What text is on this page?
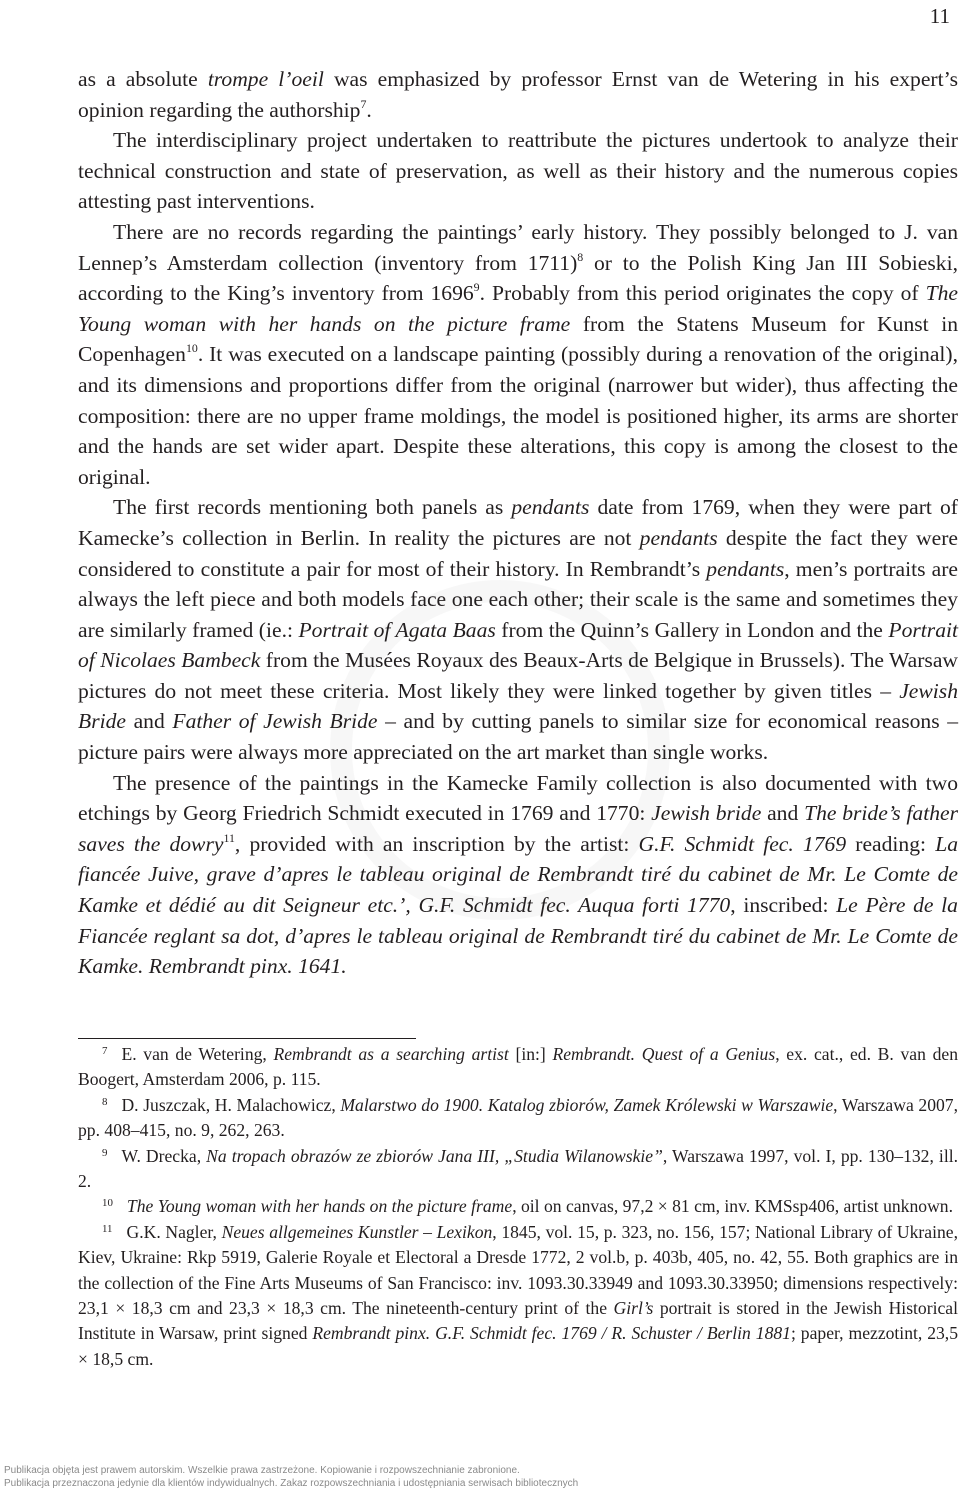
11

as a absolute trompe l’oeil was emphasized by professor Ernst van de Wetering in his expert’s opinion regarding the authorship$^7$.

The interdisciplinary project undertaken to reattribute the pictures undertook to analyze their technical construction and state of preservation, as well as their history and the numerous copies attesting past interventions.

There are no records regarding the paintings’ early history. They possibly belonged to J. van Lennep’s Amsterdam collection (inventory from 1711)$^8$ or to the Polish King Jan III Sobieski, according to the King’s inventory from 1696$^9$. Probably from this period originates the copy of The Young woman with her hands on the picture frame from the Statens Museum for Kunst in Copenhagen$^{10}$. It was executed on a landscape painting (possibly during a renovation of the original), and its dimensions and proportions differ from the original (narrower but wider), thus affecting the composition: there are no upper frame moldings, the model is positioned higher, its arms are shorter and the hands are set wider apart. Despite these alterations, this copy is among the closest to the original.

The first records mentioning both panels as pendants date from 1769, when they were part of Kamecke’s collection in Berlin. In reality the pictures are not pendants despite the fact they were considered to constitute a pair for most of their history. In Rembrandt’s pendants, men’s portraits are always the left piece and both models face one each other; their scale is the same and sometimes they are similarly framed (ie.: Portrait of Agata Baas from the Quinn’s Gallery in London and the Portrait of Nicolaes Bambeck from the Musées Royaux des Beaux-Arts de Belgique in Brussels). The Warsaw pictures do not meet these criteria. Most likely they were linked together by given titles – Jewish Bride and Father of Jewish Bride – and by cutting panels to similar size for economical reasons – picture pairs were always more appreciated on the art market than single works.

The presence of the paintings in the Kamecke Family collection is also documented with two etchings by Georg Friedrich Schmidt executed in 1769 and 1770: Jewish bride and The bride’s father saves the dowry$^{11}$, provided with an inscription by the artist: G.F. Schmidt fec. 1769 reading: La fiancée Juive, grave d’apres le tableau original de Rembrandt tiré du cabinet de Mr. Le Comte de Kamke et dédié au dit Seigneur etc.’, G.F. Schmidt fec. Auqua forti 1770, inscribed: Le Père de la Fiancée reglant sa dot, d’apres le tableau original de Rembrandt tiré du cabinet de Mr. Le Comte de Kamke. Rembrandt pinx. 1641.

$^7$ E. van de Wetering, Rembrandt as a searching artist [in:] Rembrandt. Quest of a Genius, ex. cat., ed. B. van den Boogert, Amsterdam 2006, p. 115.

$^8$ D. Juszczak, H. Malachowicz, Malarstwo do 1900. Katalog zbiorów, Zamek Królewski w Warszawie, Warszawa 2007, pp. 408–415, no. 9, 262, 263.

$^9$ W. Drecka, Na tropach obrazów ze zbiorów Jana III, „Studia Wilanowskie”, Warszawa 1997, vol. I, pp. 130–132, ill. 2.

$^{10}$ The Young woman with her hands on the picture frame, oil on canvas, 97,2 × 81 cm, inv. KMSsp406, artist unknown.

$^{11}$ G.K. Nagler, Neues allgemeines Kunstler – Lexikon, 1845, vol. 15, p. 323, no. 156, 157; National Library of Ukraine, Kiev, Ukraine: Rkp 5919, Galerie Royale et Electoral a Dresde 1772, 2 vol.b, p. 403b, 405, no. 42, 55. Both graphics are in the collection of the Fine Arts Museums of San Francisco: inv. 1093.30.33949 and 1093.30.33950; dimensions respectively: 23,1 × 18,3 cm and 23,3 × 18,3 cm. The nineteenth-century print of the Girl’s portrait is stored in the Jewish Historical Institute in Warsaw, print signed Rembrandt pinx. G.F. Schmidt fec. 1769 / R. Schuster / Berlin 1881; paper, mezzotint, 23,5 × 18,5 cm.

Publikacja objęta jest prawem autorskim. Wszelkie prawa zastrzeżone. Kopiowanie i rozpowszechnianie zabronione.
Publikacja przeznaczona jedynie dla klientów indywidualnych. Zakaz rozpowszechniania i udostępniania serwisach bibliotecznych
